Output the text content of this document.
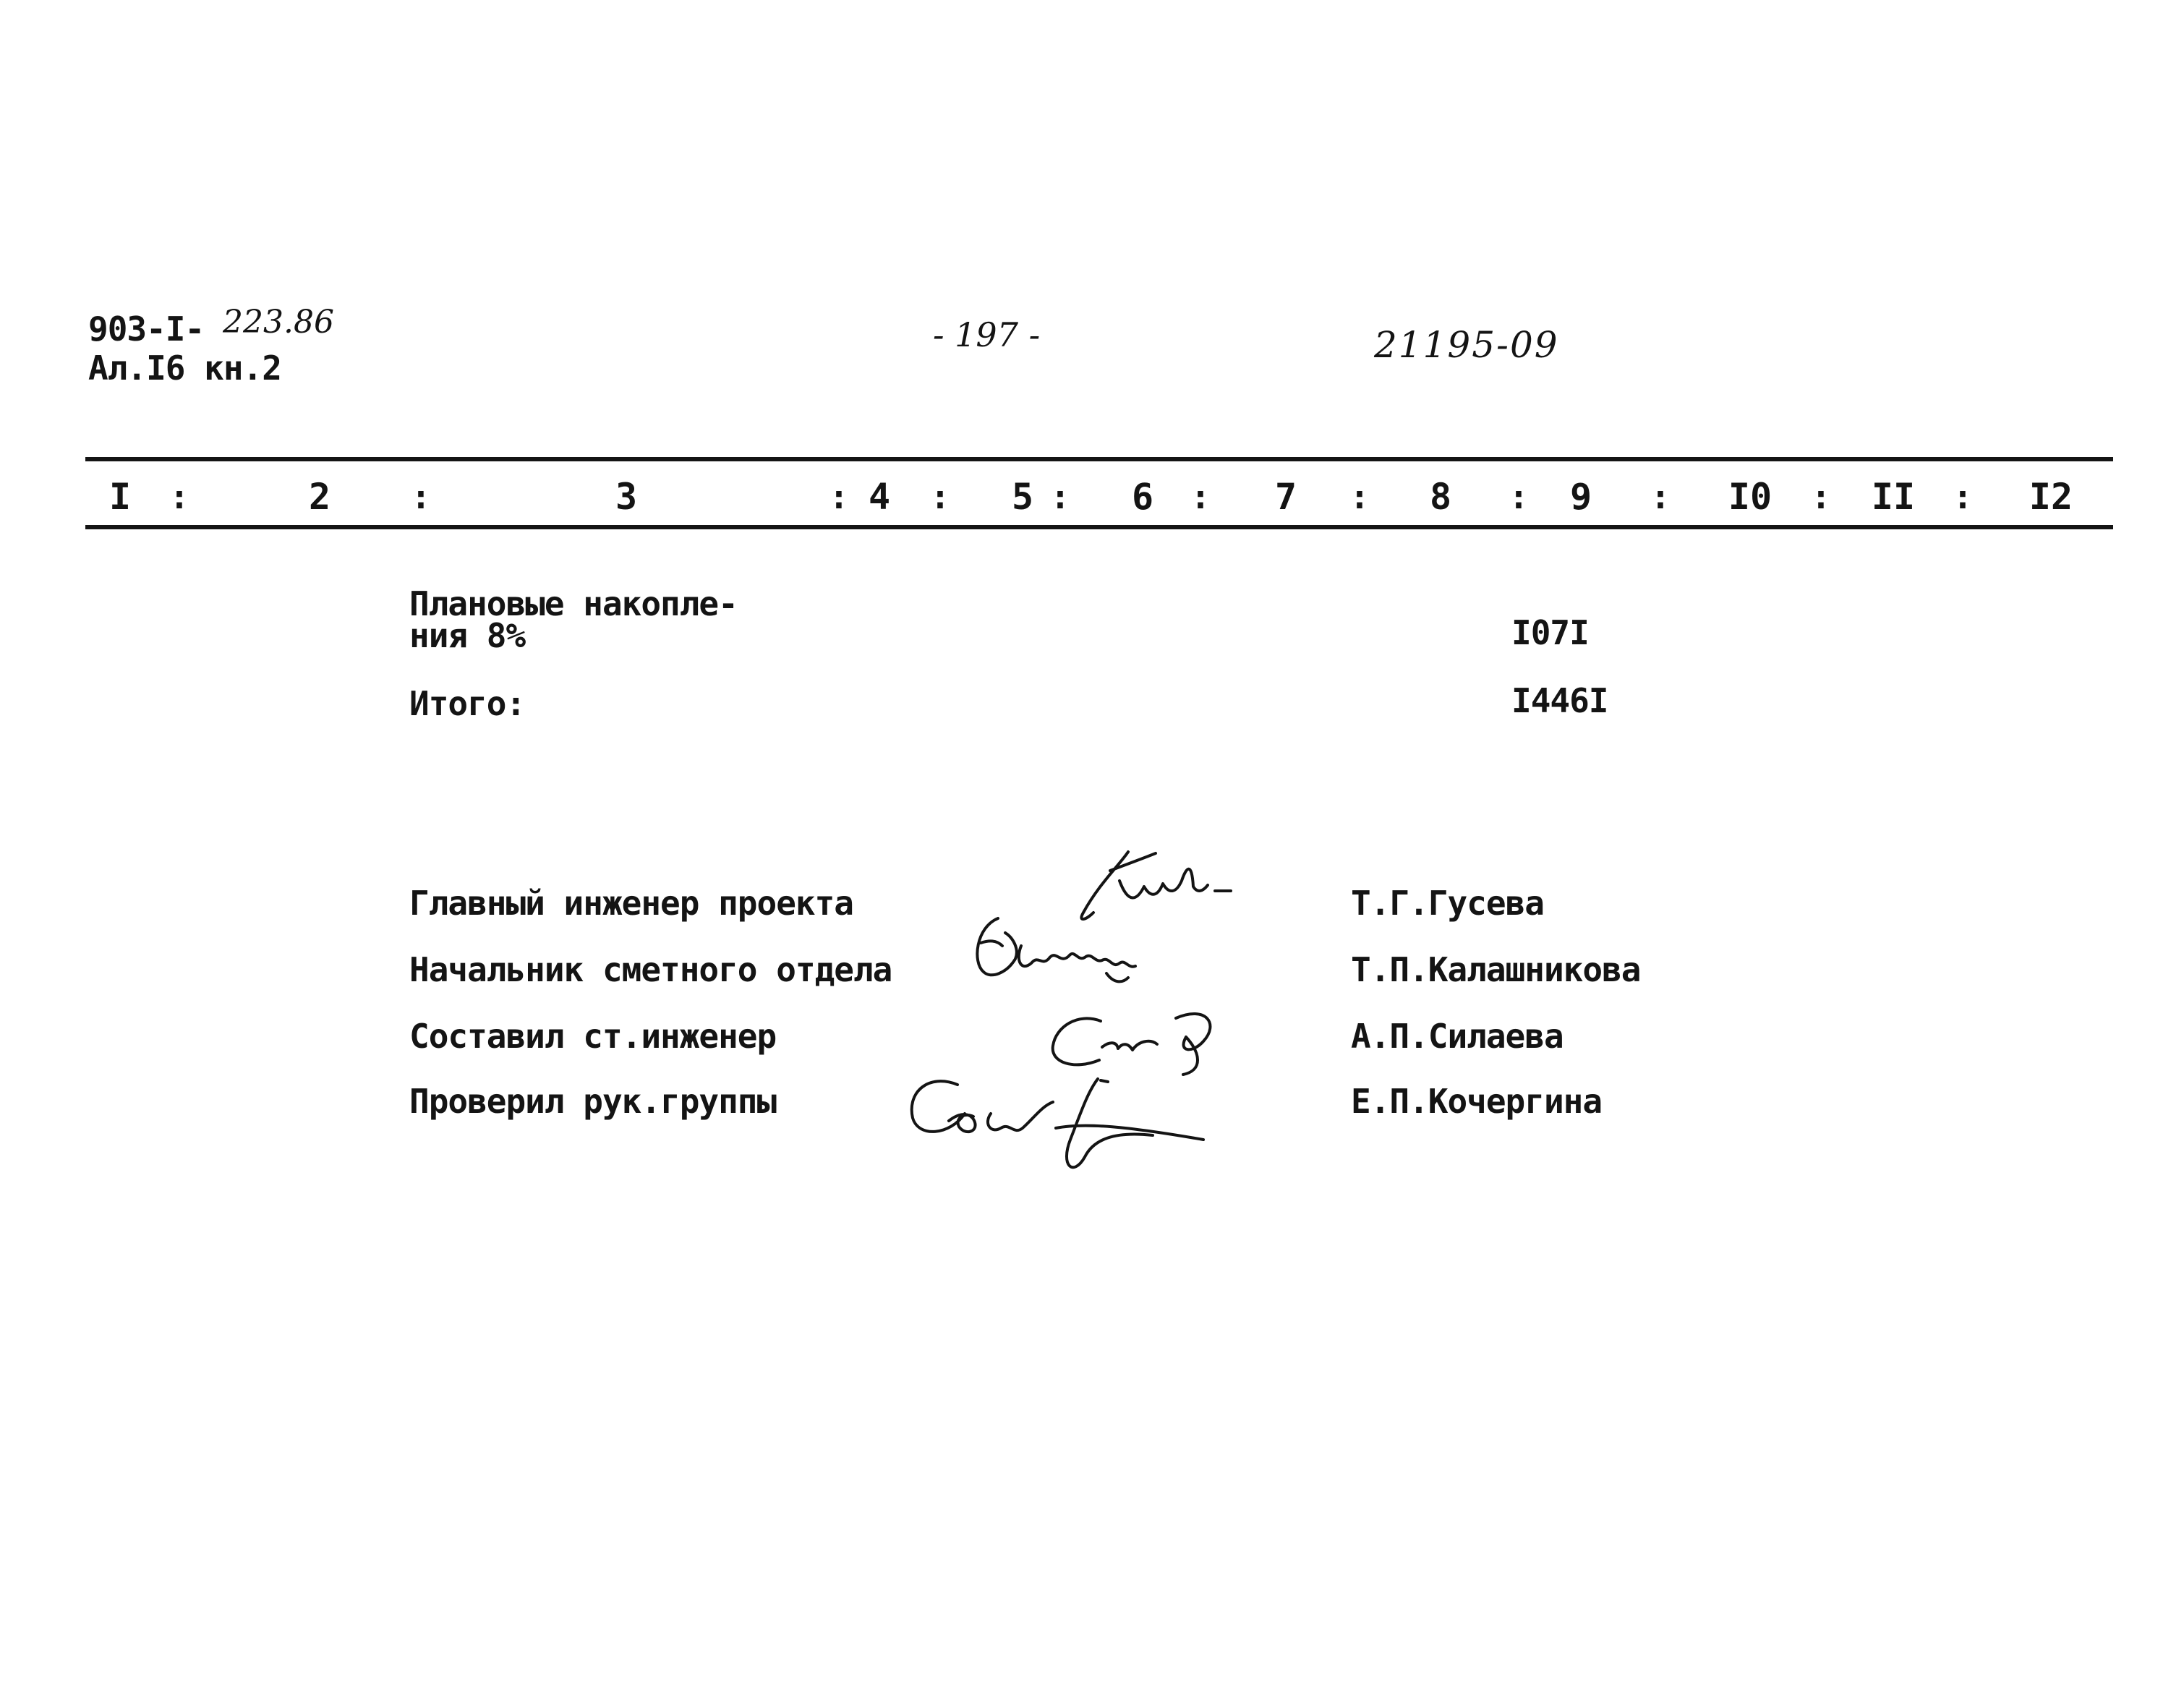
903-I- 223.86
Ал.I6 кн.2
- 197 -	21195-09
I :	2 :	3	: 4 : 5 : 6 : 7 : 8 : 9 : I0 : II : I2
Плановые накопле-
ния 8%	I07I
Итого:	I446I
Главный инженер проекта	Т.Г.Гусева
Начальник сметного отдела	Т.П.Калашникова
Составил ст.инженер	А.П.Силаева
Проверил рук.группы	Е.П.Кочергина
